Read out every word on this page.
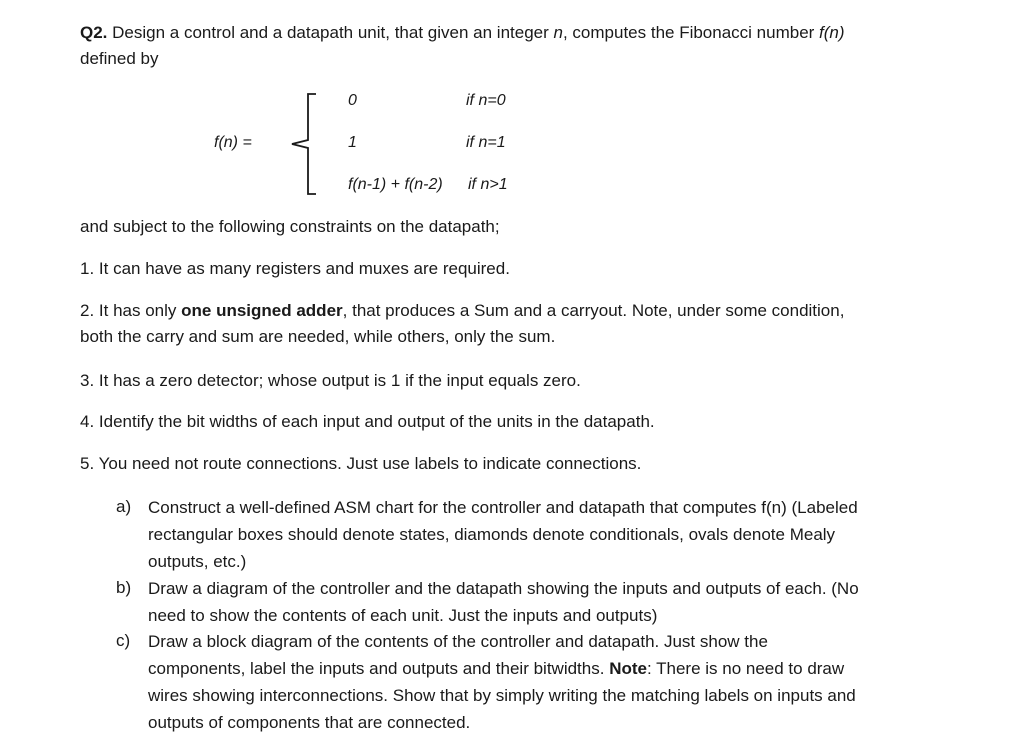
Q2. Design a control and a datapath unit, that given an integer n, computes the Fibonacci number f(n)
defined by
f(n) =
0	if n=0
1	if n=1
f(n-1) + f(n-2) if n>1
and subject to the following constraints on the datapath;
1. It can have as many registers and muxes are required.
2. It has only one unsigned adder, that produces a Sum and a carryout. Note, under some condition,
both the carry and sum are needed, while others, only the sum.
3. It has a zero detector; whose output is 1 if the input equals zero.
4. Identify the bit widths of each input and output of the units in the datapath.
5. You need not route connections. Just use labels to indicate connections.
a) Construct a well-defined ASM chart for the controller and datapath that computes f(n) (Labeled
rectangular boxes should denote states, diamonds denote conditionals, ovals denote Mealy
outputs, etc.)
b) Draw a diagram of the controller and the datapath showing the inputs and outputs of each. (No
need to show the contents of each unit. Just the inputs and outputs)
c) Draw a block diagram of the contents of the controller and datapath. Just show the
components, label the inputs and outputs and their bitwidths. Note: There is no need to draw
wires showing interconnections. Show that by simply writing the matching labels on inputs and
outputs of components that are connected.
